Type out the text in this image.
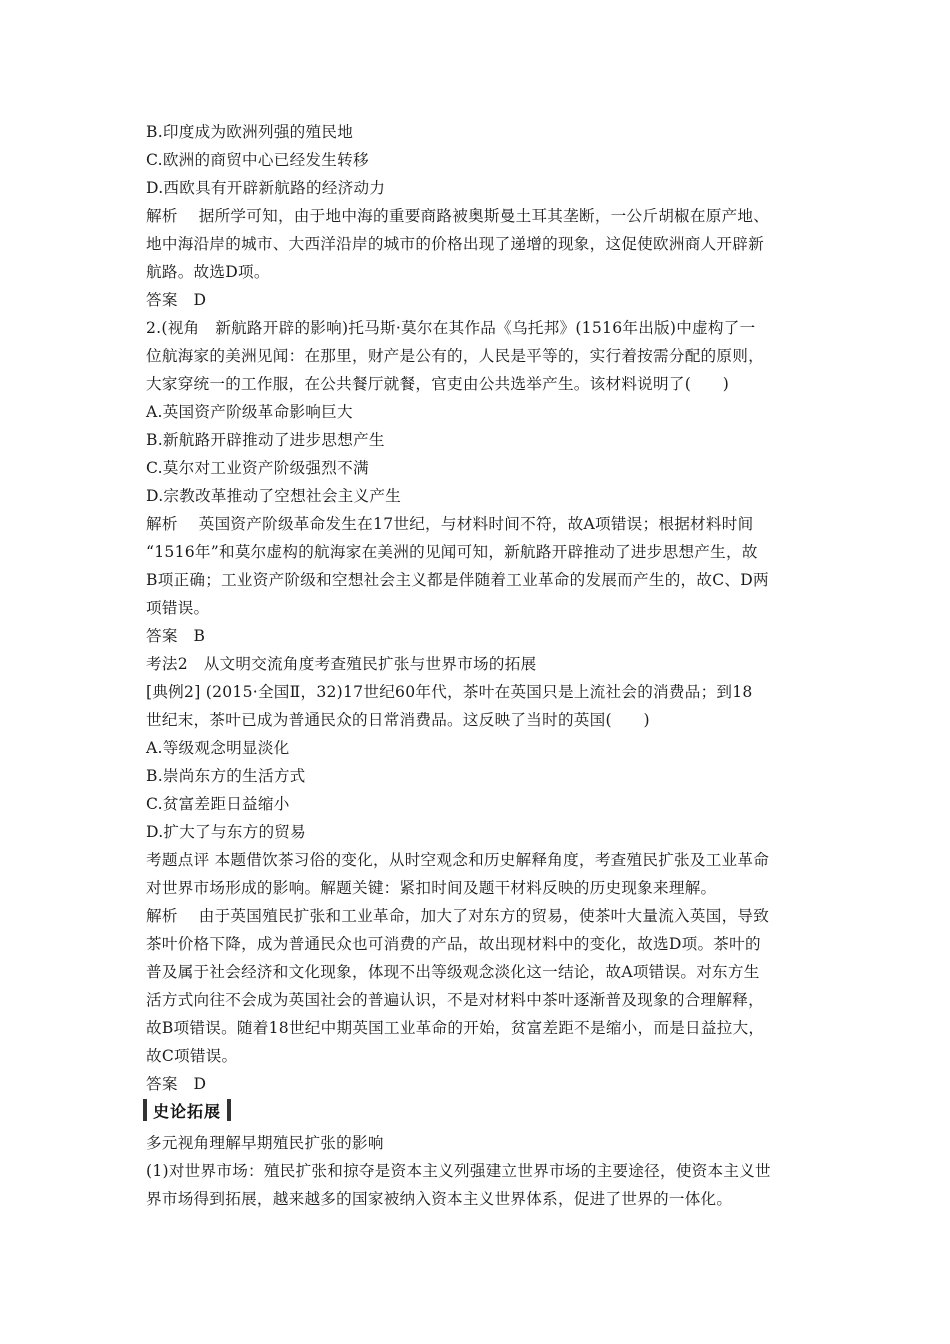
B.印度成为欧洲列强的殖民地
C.欧洲的商贸中心已经发生转移
D.西欧具有开辟新航路的经济动力
解析　 据所学可知，由于地中海的重要商路被奥斯曼土耳其垄断，一公斤胡椒在原产地、
地中海沿岸的城市、大西洋沿岸的城市的价格出现了递增的现象，这促使欧洲商人开辟新
航路。故选D项。
答案　D
2.(视角　新航路开辟的影响)托马斯·莫尔在其作品《乌托邦》(1516年出版)中虚构了一
位航海家的美洲见闻：在那里，财产是公有的，人民是平等的，实行着按需分配的原则，
大家穿统一的工作服，在公共餐厅就餐，官吏由公共选举产生。该材料说明了(　　)
A.英国资产阶级革命影响巨大
B.新航路开辟推动了进步思想产生
C.莫尔对工业资产阶级强烈不满
D.宗教改革推动了空想社会主义产生
解析　 英国资产阶级革命发生在17世纪，与材料时间不符，故A项错误；根据材料时间
“1516年”和莫尔虚构的航海家在美洲的见闻可知，新航路开辟推动了进步思想产生，故
B项正确；工业资产阶级和空想社会主义都是伴随着工业革命的发展而产生的，故C、D两
项错误。
答案　B
考法2　从文明交流角度考查殖民扩张与世界市场的拓展
[典例2] (2015·全国Ⅱ，32)17世纪60年代，茶叶在英国只是上流社会的消费品；到18
世纪末，茶叶已成为普通民众的日常消费品。这反映了当时的英国(　　)
A.等级观念明显淡化
B.崇尚东方的生活方式
C.贫富差距日益缩小
D.扩大了与东方的贸易
考题点评 本题借饮茶习俗的变化，从时空观念和历史解释角度，考查殖民扩张及工业革命
对世界市场形成的影响。解题关键：紧扣时间及题干材料反映的历史现象来理解。
解析　 由于英国殖民扩张和工业革命，加大了对东方的贸易，使茶叶大量流入英国，导致
茶叶价格下降，成为普通民众也可消费的产品，故出现材料中的变化，故选D项。茶叶的
普及属于社会经济和文化现象，体现不出等级观念淡化这一结论，故A项错误。对东方生
活方式向往不会成为英国社会的普遍认识，不是对材料中茶叶逐渐普及现象的合理解释，
故B项错误。随着18世纪中期英国工业革命的开始，贫富差距不是缩小，而是日益拉大，
故C项错误。
答案　D
史论拓展
多元视角理解早期殖民扩张的影响
(1)对世界市场：殖民扩张和掠夺是资本主义列强建立世界市场的主要途径，使资本主义世
界市场得到拓展，越来越多的国家被纳入资本主义世界体系，促进了世界的一体化。
